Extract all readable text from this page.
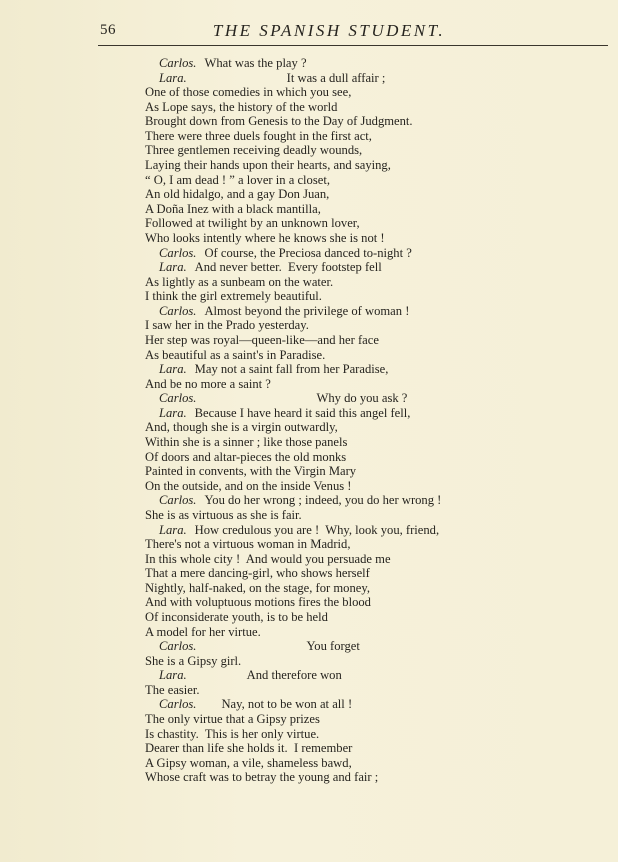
56	THE SPANISH STUDENT.
Carlos. What was the play ?
Lara.	It was a dull affair ;
One of those comedies in which you see,
As Lope says, the history of the world
Brought down from Genesis to the Day of Judgment.
There were three duels fought in the first act,
Three gentlemen receiving deadly wounds,
Laying their hands upon their hearts, and saying,
“ O, I am dead ! ” a lover in a closet,
An old hidalgo, and a gay Don Juan,
A Doña Inez with a black mantilla,
Followed at twilight by an unknown lover,
Who looks intently where he knows she is not !
Carlos. Of course, the Preciosa danced to-night ?
Lara. And never better.  Every footstep fell
As lightly as a sunbeam on the water.
I think the girl extremely beautiful.
Carlos. Almost beyond the privilege of woman !
I saw her in the Prado yesterday.
Her step was royal—queen-like—and her face
As beautiful as a saint's in Paradise.
Lara. May not a saint fall from her Paradise,
And be no more a saint ?
Carlos.	Why do you ask ?
Lara. Because I have heard it said this angel fell,
And, though she is a virgin outwardly,
Within she is a sinner ; like those panels
Of doors and altar-pieces the old monks
Painted in convents, with the Virgin Mary
On the outside, and on the inside Venus !
Carlos. You do her wrong ; indeed, you do her wrong !
She is as virtuous as she is fair.
Lara. How credulous you are !  Why, look you, friend,
There's not a virtuous woman in Madrid,
In this whole city !  And would you persuade me
That a mere dancing-girl, who shows herself
Nightly, half-naked, on the stage, for money,
And with voluptuous motions fires the blood
Of inconsiderate youth, is to be held
A model for her virtue.
Carlos.	You forget
She is a Gipsy girl.
Lara.	And therefore won
The easier.
Carlos. Nay, not to be won at all !
The only virtue that a Gipsy prizes
Is chastity.  This is her only virtue.
Dearer than life she holds it.  I remember
A Gipsy woman, a vile, shameless bawd,
Whose craft was to betray the young and fair ;
